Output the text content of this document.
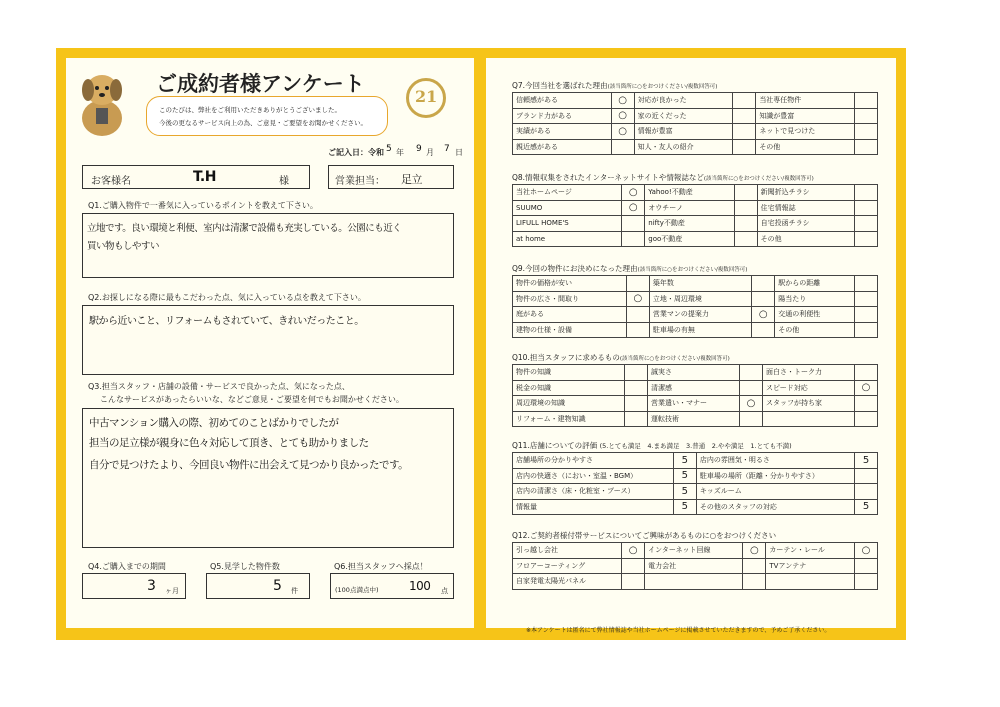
ご成約者様アンケート
このたびは、弊社をご利用いただきありがとうございました。
今後の更なるサービス向上の為、ご意見・ご要望をお聞かせください。
21
ご記入日：令和 5 年 9 月 7 日
お客様名	T.H	様	営業担当： 足立
Q1.ご購入物件で一番気に入っているポイントを教えて下さい。
立地です。良い環境と利便、室内は清潔で設備も充実している。公園にも近く
買い物もしやすい
Q2.お探しになる際に最もこだわった点、気に入っている点を教えて下さい。
駅から近いこと、リフォームもされていて、きれいだったこと。
Q3.担当スタッフ・店舗の設備・サービスで良かった点、気になった点、
こんなサービスがあったらいいな、などご意見・ご要望を何でもお聞かせください。
中古マンション購入の際、初めてのことばかりでしたが
担当の足立様が親身に色々対応して頂き、とても助かりました
自分で見つけたより、今回良い物件に出会えて見つかり良かったです。
Q4.ご購入までの期間
3 ヶ月
Q5.見学した物件数
5 件
Q6.担当スタッフへ採点！
(100点満点中)	100 点
Q7.今回当社を選ばれた理由(該当箇所に○をおつけください/複数回答可)
信頼感がある	○	対応が良かった		当社専任物件	
ブランド力がある	○	家の近くだった		知識が豊富	
実績がある	○	情報が豊富		ネットで見つけた	
親近感がある		知人・友人の紹介		その他	
Q8.情報収集をされたインターネットサイトや情報誌など(該当箇所に○をおつけください/複数回答可)
当社ホームページ	○	Yahoo!不動産		新聞折込チラシ	
SUUMO	○	オウチーノ		住宅情報誌	
LIFULL HOME'S		nifty不動産		自宅投函チラシ	
at home		goo不動産		その他	
Q9.今回の物件にお決めになった理由(該当箇所に○をおつけください/複数回答可)
物件の価格が安い		築年数		駅からの距離	
物件の広さ・間取り	○	立地・周辺環境		陽当たり	
庭がある		営業マンの提案力	○	交通の利便性	
建物の仕様・設備		駐車場の有無		その他	
Q10.担当スタッフに求めるもの(該当箇所に○をおつけください/複数回答可)
物件の知識		誠実さ		面白さ・トーク力	
税金の知識		清潔感		スピード対応	○
周辺環境の知識		営業遣い・マナー	○	スタッフが持ち家	
リフォーム・建物知識		運転技術			
Q11.店舗についての評価 (5.とても満足　4.まあ満足　3.普通　2.やや満足　1.とても不満)
店舗場所の分かりやすさ	5	店内の雰囲気・明るさ	5
店内の快適さ（におい・室温・BGM）	5	駐車場の場所（距離・分かりやすさ）	
店内の清潔さ（床・化粧室・ブース）	5	キッズルーム	
情報量	5	その他のスタッフの対応	5
Q12.ご契約者様付帯サービスについてご興味があるものに○をおつけください
引っ越し会社	○	インターネット回線	○	カーテン・レール	○
フロアーコーティング		電力会社		TVアンテナ	
自家発電太陽光パネル					
※本アンケートは匿名にて弊社情報誌や当社ホームページに掲載させていただきますので、予めご了承ください。
